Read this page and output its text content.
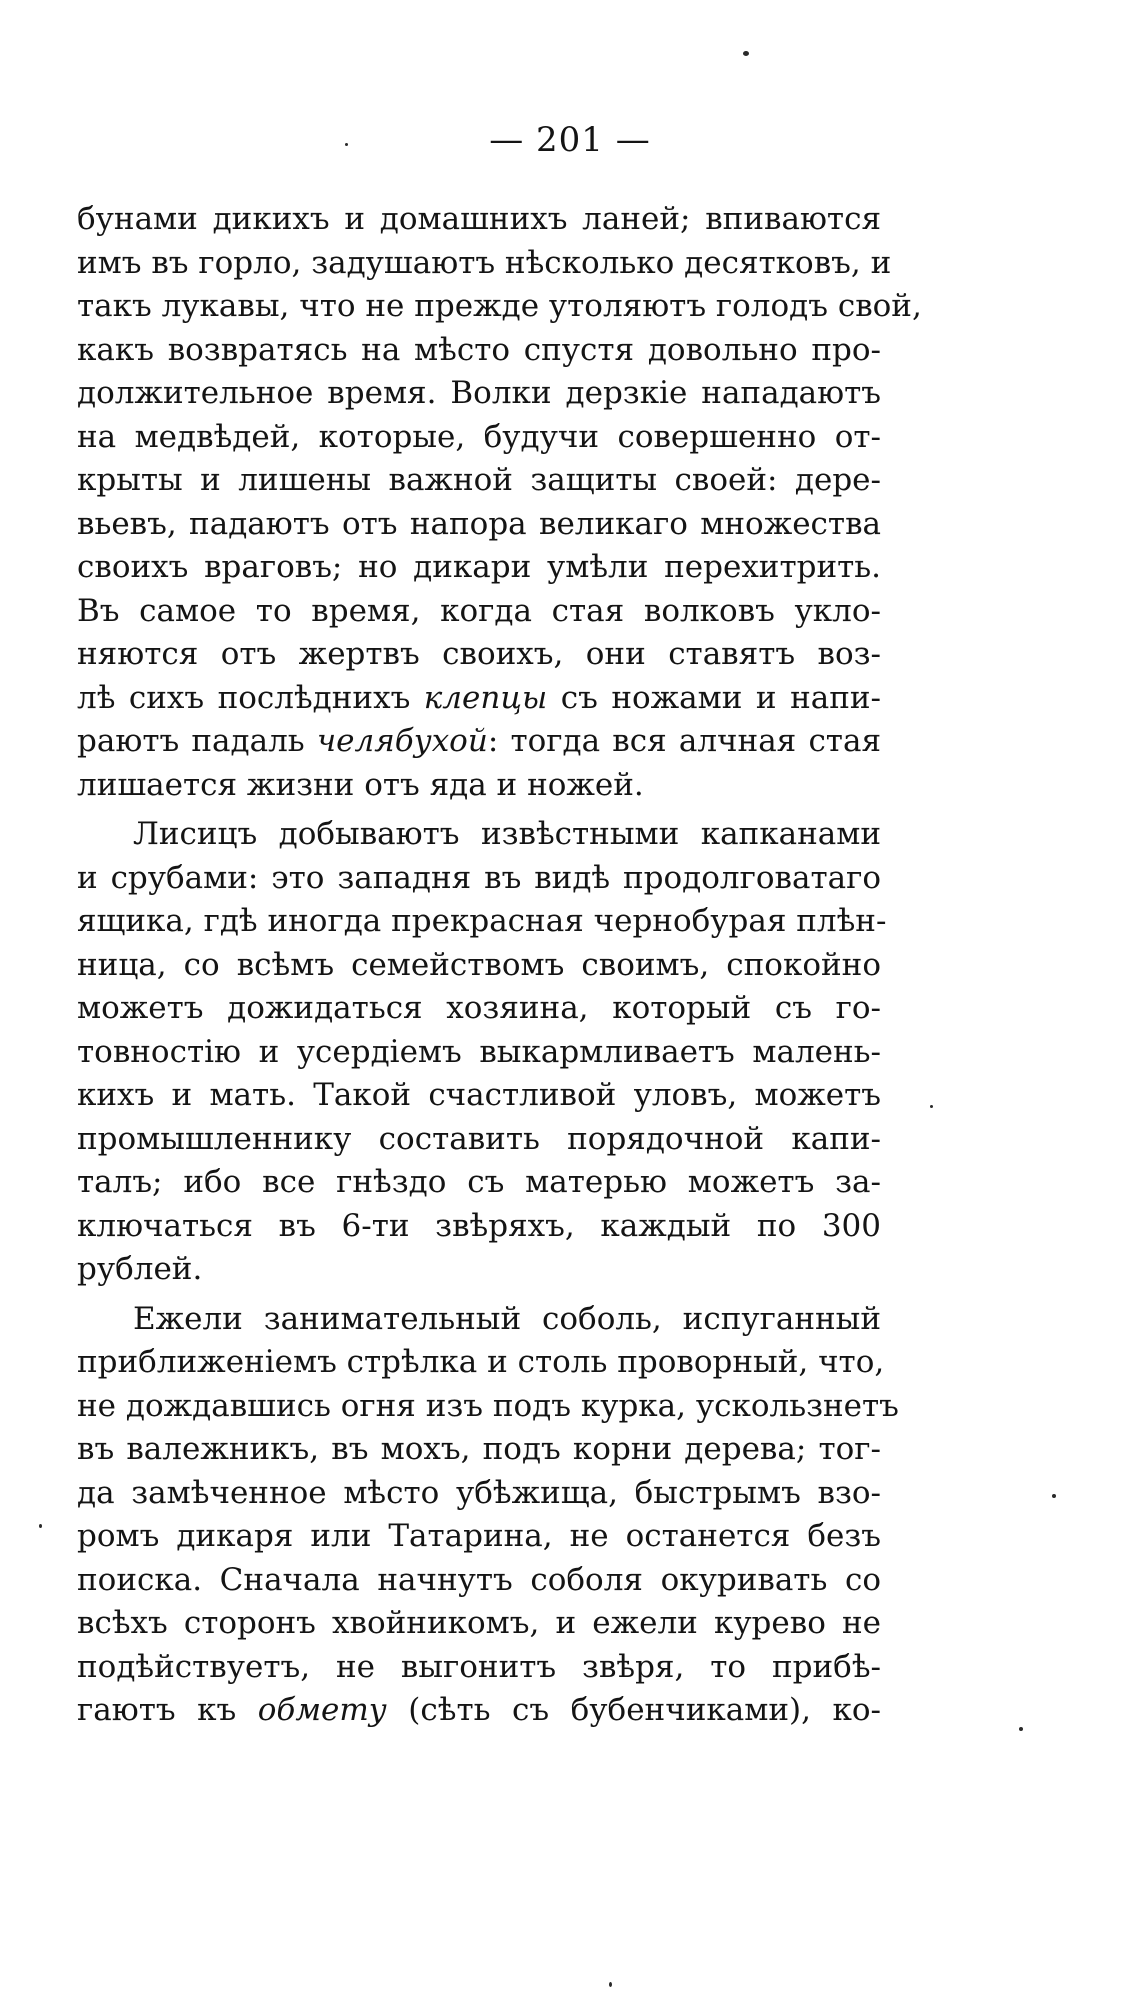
— 201 —
бунами дикихъ и домашнихъ ланей; впиваются
имъ въ горло, задушаютъ нѣсколько десятковъ, и
такъ лукавы, что не прежде утоляютъ голодъ свой,
какъ возвратясь на мѣсто спустя довольно про-
должительное время. Волки дерзкіе нападаютъ
на медвѣдей, которые, будучи совершенно от-
крыты и лишены важной защиты своей: дере-
вьевъ, падаютъ отъ напора великаго множества
своихъ враговъ; но дикари умѣли перехитрить.
Въ самое то время, когда стая волковъ укло-
няются отъ жертвъ своихъ, они ставятъ воз-
лѣ сихъ послѣднихъ клепцы съ ножами и напи-
раютъ падаль челябухой: тогда вся алчная стая
лишается жизни отъ яда и ножей.
Лисицъ добываютъ извѣстными капканами
и срубами: это западня въ видѣ продолговатаго
ящика, гдѣ иногда прекрасная чернобурая плѣн-
ница, со всѣмъ семействомъ своимъ, спокойно
можетъ дожидаться хозяина, который съ го-
товностію и усердіемъ выкармливаетъ малень-
кихъ и мать. Такой счастливой уловъ, можетъ
промышленнику составить порядочной капи-
талъ; ибо все гнѣздо съ матерью можетъ за-
ключаться въ 6-ти звѣряхъ, каждый по 300
рублей.
Ежели занимательный соболь, испуганный
приближеніемъ стрѣлка и столь проворный, что,
не дождавшись огня изъ подъ курка, ускользнетъ
въ валежникъ, въ мохъ, подъ корни дерева; тог-
да замѣченное мѣсто убѣжища, быстрымъ взо-
ромъ дикаря или Татарина, не останется безъ
поиска. Сначала начнутъ соболя окуривать со
всѣхъ сторонъ хвойникомъ, и ежели курево не
подѣйствуетъ, не выгонитъ звѣря, то прибѣ-
гаютъ къ обмету (сѣть съ бубенчиками), ко-
